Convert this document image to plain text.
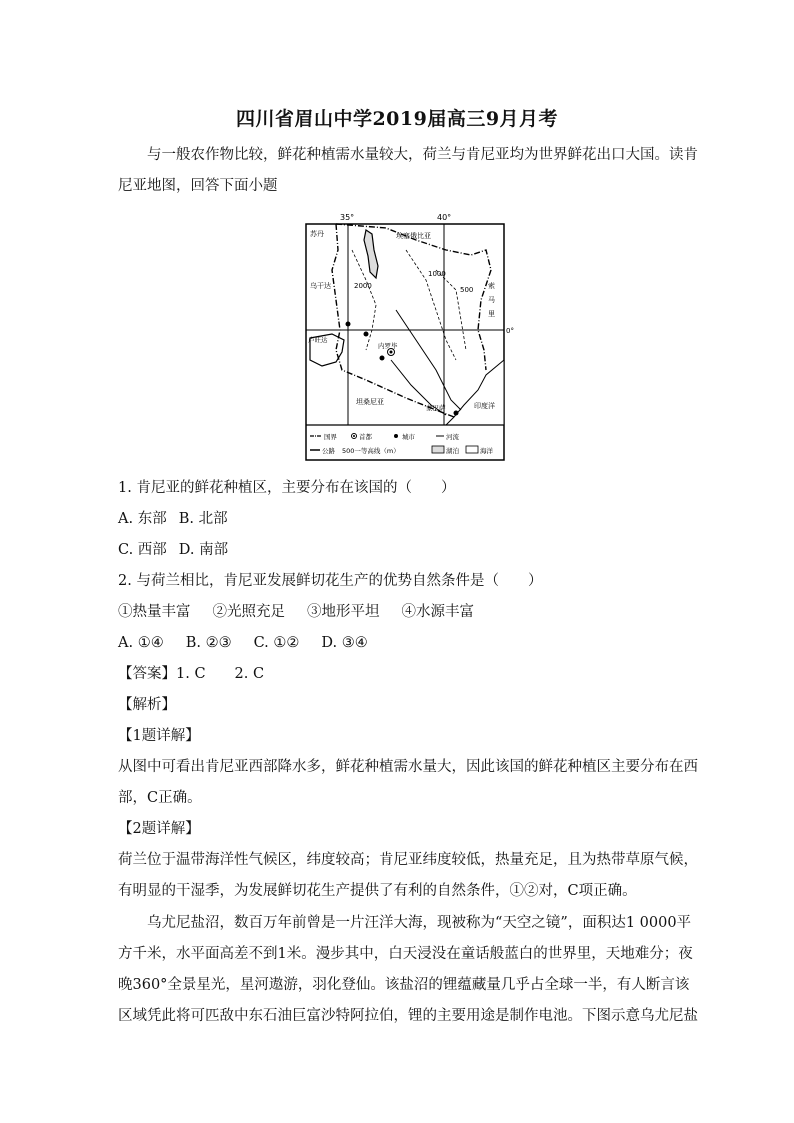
四川省眉山中学2019届高三9月月考
与一般农作物比较，鲜花种植需水量较大，荷兰与肯尼亚均为世界鲜花出口大国。读肯
尼亚地图，回答下面小题
35°	40°
0°
苏丹	埃塞俄比亚
乌干达	索
马
里
卢旺达
坦桑尼亚	印度洋
内罗毕
蒙巴萨
2000
1000
500
国界	首都	城市	河流
公路 500一等高线（m）	湖泊	海洋
1. 肯尼亚的鲜花种植区，主要分布在该国的（　　）
A. 东部 B. 北部
C. 西部 D. 南部
2. 与荷兰相比，肯尼亚发展鲜切花生产的优势自然条件是（　　）
①热量丰富 ②光照充足 ③地形平坦 ④水源丰富
A. ①④ B. ②③ C. ①② D. ③④
【答案】1. C　　2. C
【解析】
【1题详解】
从图中可看出肯尼亚西部降水多，鲜花种植需水量大，因此该国的鲜花种植区主要分布在西
部，C正确。
【2题详解】
荷兰位于温带海洋性气候区，纬度较高；肯尼亚纬度较低，热量充足，且为热带草原气候，
有明显的干湿季，为发展鲜切花生产提供了有利的自然条件，①②对，C项正确。
乌尤尼盐沼，数百万年前曾是一片汪洋大海，现被称为“天空之镜”，面积达1 0000平
方千米，水平面高差不到1米。漫步其中，白天浸没在童话般蓝白的世界里，天地难分；夜
晚360°全景星光，星河遨游，羽化登仙。该盐沼的锂蕴藏量几乎占全球一半，有人断言该
区域凭此将可匹敌中东石油巨富沙特阿拉伯，锂的主要用途是制作电池。下图示意乌尤尼盐
